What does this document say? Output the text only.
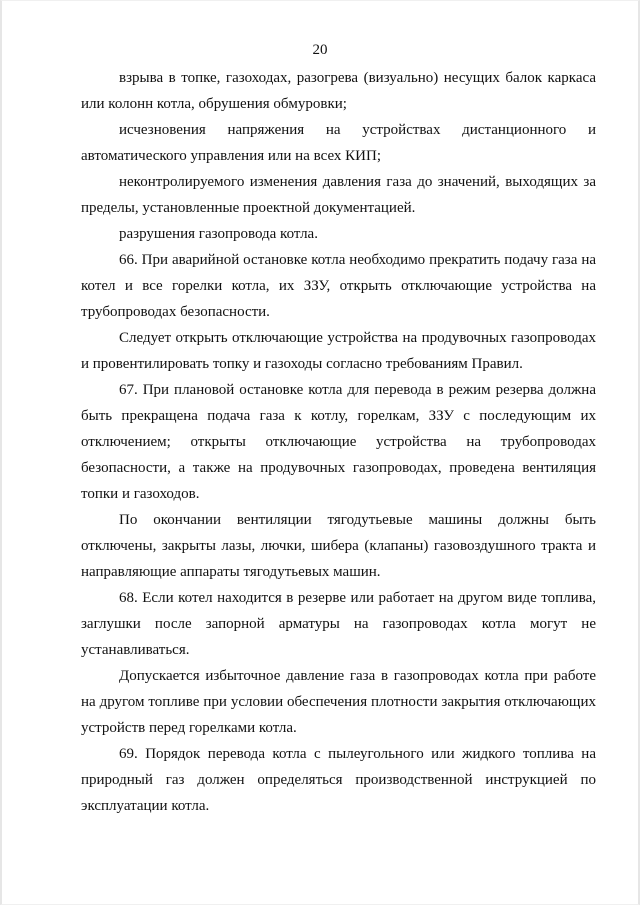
20

взрыва в топке, газоходах, разогрева (визуально) несущих балок каркаса или колонн котла, обрушения обмуровки;

исчезновения напряжения на устройствах дистанционного и автоматического управления или на всех КИП;

неконтролируемого изменения давления газа до значений, выходящих за пределы, установленные проектной документацией.

разрушения газопровода котла.

66. При аварийной остановке котла необходимо прекратить подачу газа на котел и все горелки котла, их ЗЗУ, открыть отключающие устройства на трубопроводах безопасности.

Следует открыть отключающие устройства на продувочных газопроводах и провентилировать топку и газоходы согласно требованиям Правил.

67. При плановой остановке котла для перевода в режим резерва должна быть прекращена подача газа к котлу, горелкам, ЗЗУ с последующим их отключением; открыты отключающие устройства на трубопроводах безопасности, а также на продувочных газопроводах, проведена вентиляция топки и газоходов.

По окончании вентиляции тягодутьевые машины должны быть отключены, закрыты лазы, лючки, шибера (клапаны) газовоздушного тракта и направляющие аппараты тягодутьевых машин.

68. Если котел находится в резерве или работает на другом виде топлива, заглушки после запорной арматуры на газопроводах котла могут не устанавливаться.

Допускается избыточное давление газа в газопроводах котла при работе на другом топливе при условии обеспечения плотности закрытия отключающих устройств перед горелками котла.

69. Порядок перевода котла с пылеугольного или жидкого топлива на природный газ должен определяться производственной инструкцией по эксплуатации котла.
